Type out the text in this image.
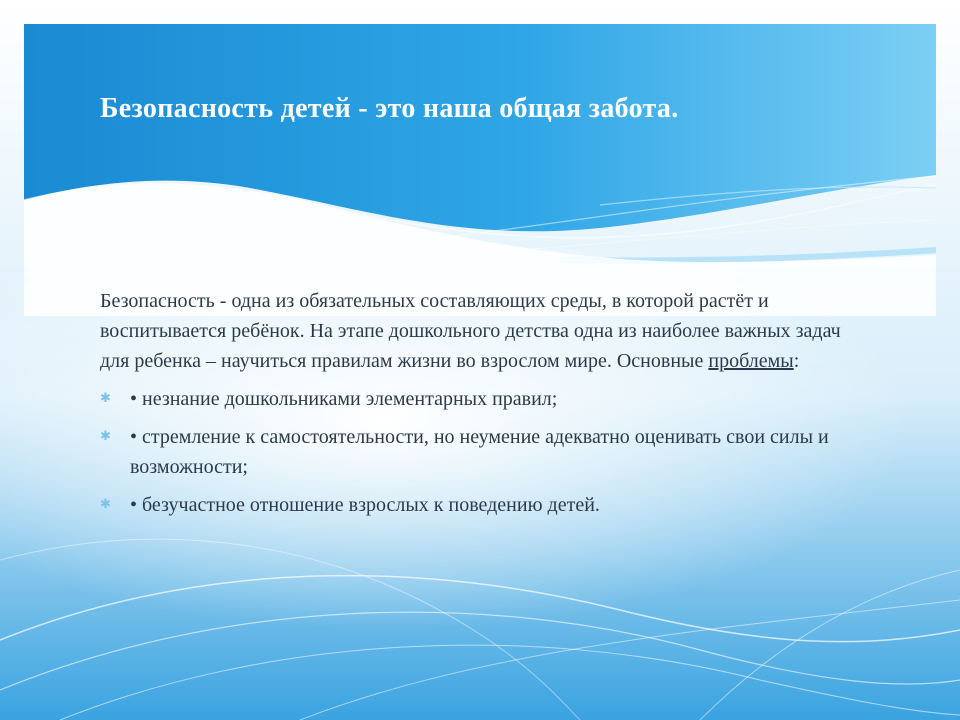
Безопасность детей - это наша общая забота.

Безопасность - одна из обязательных составляющих среды, в которой растёт и воспитывается ребёнок. На этапе дошкольного детства одна из наиболее важных задач для ребенка – научиться правилам жизни во взрослом мире. Основные проблемы:

✱ • незнание дошкольниками элементарных правил;
✱ • стремление к самостоятельности, но неумение адекватно оценивать свои силы и возможности;
✱ • безучастное отношение взрослых к поведению детей.
